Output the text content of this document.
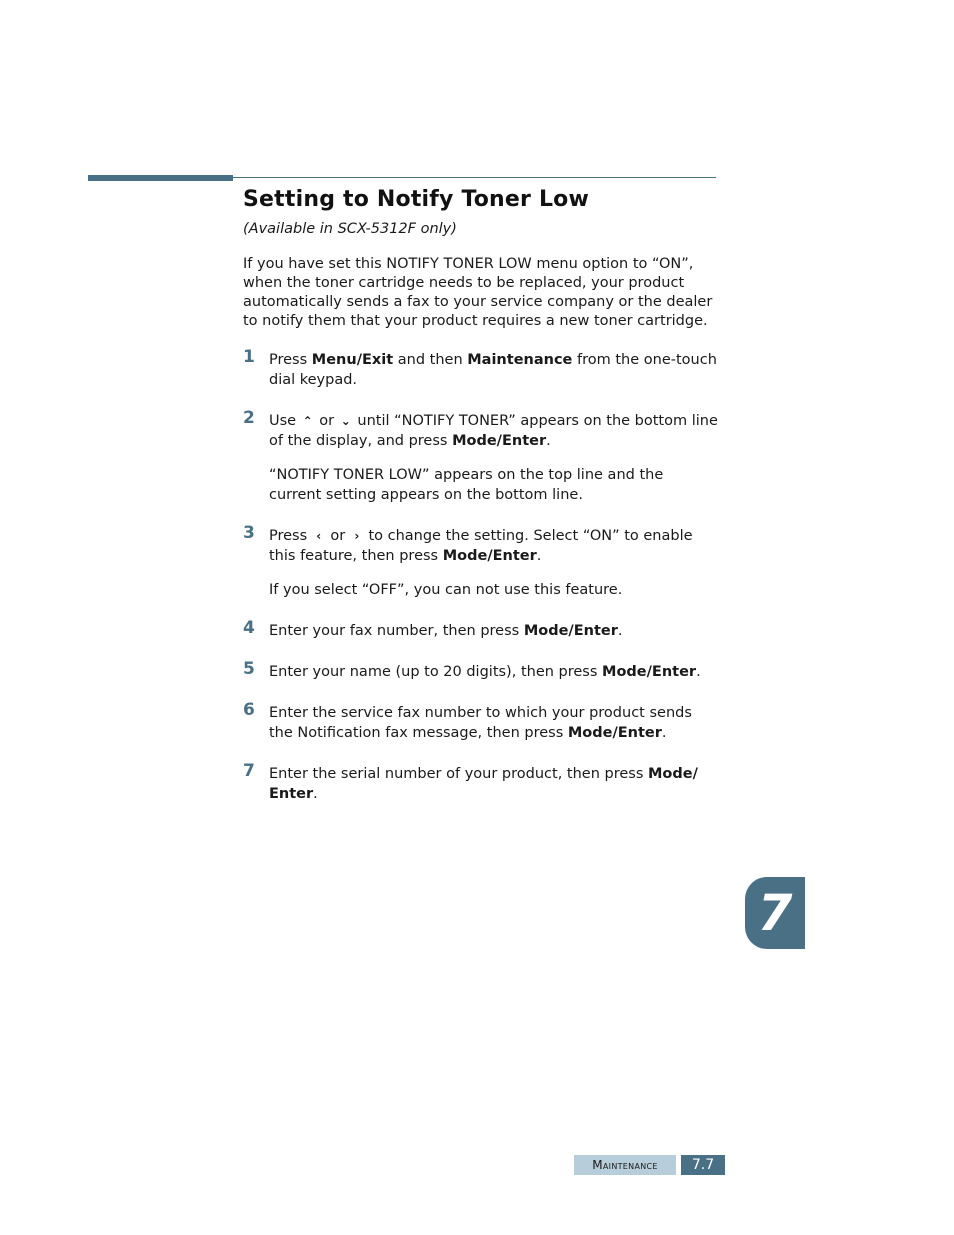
Setting to Notify Toner Low
(Available in SCX-5312F only)
If you have set this NOTIFY TONER LOW menu option to “ON”, when the toner cartridge needs to be replaced, your product automatically sends a fax to your service company or the dealer to notify them that your product requires a new toner cartridge.
1 Press Menu/Exit and then Maintenance from the one-touch dial keypad.

2 Use ⌃ or ⌄ until “NOTIFY TONER” appears on the bottom line of the display, and press Mode/Enter.

“NOTIFY TONER LOW” appears on the top line and the current setting appears on the bottom line.

3 Press ‹ or › to change the setting. Select “ON” to enable this feature, then press Mode/Enter.

If you select “OFF”, you can not use this feature.

4 Enter your fax number, then press Mode/Enter.

5 Enter your name (up to 20 digits), then press Mode/Enter.

6 Enter the service fax number to which your product sends the Notification fax message, then press Mode/Enter.

7 Enter the serial number of your product, then press Mode/ Enter.

7
Maintenance	7.7
